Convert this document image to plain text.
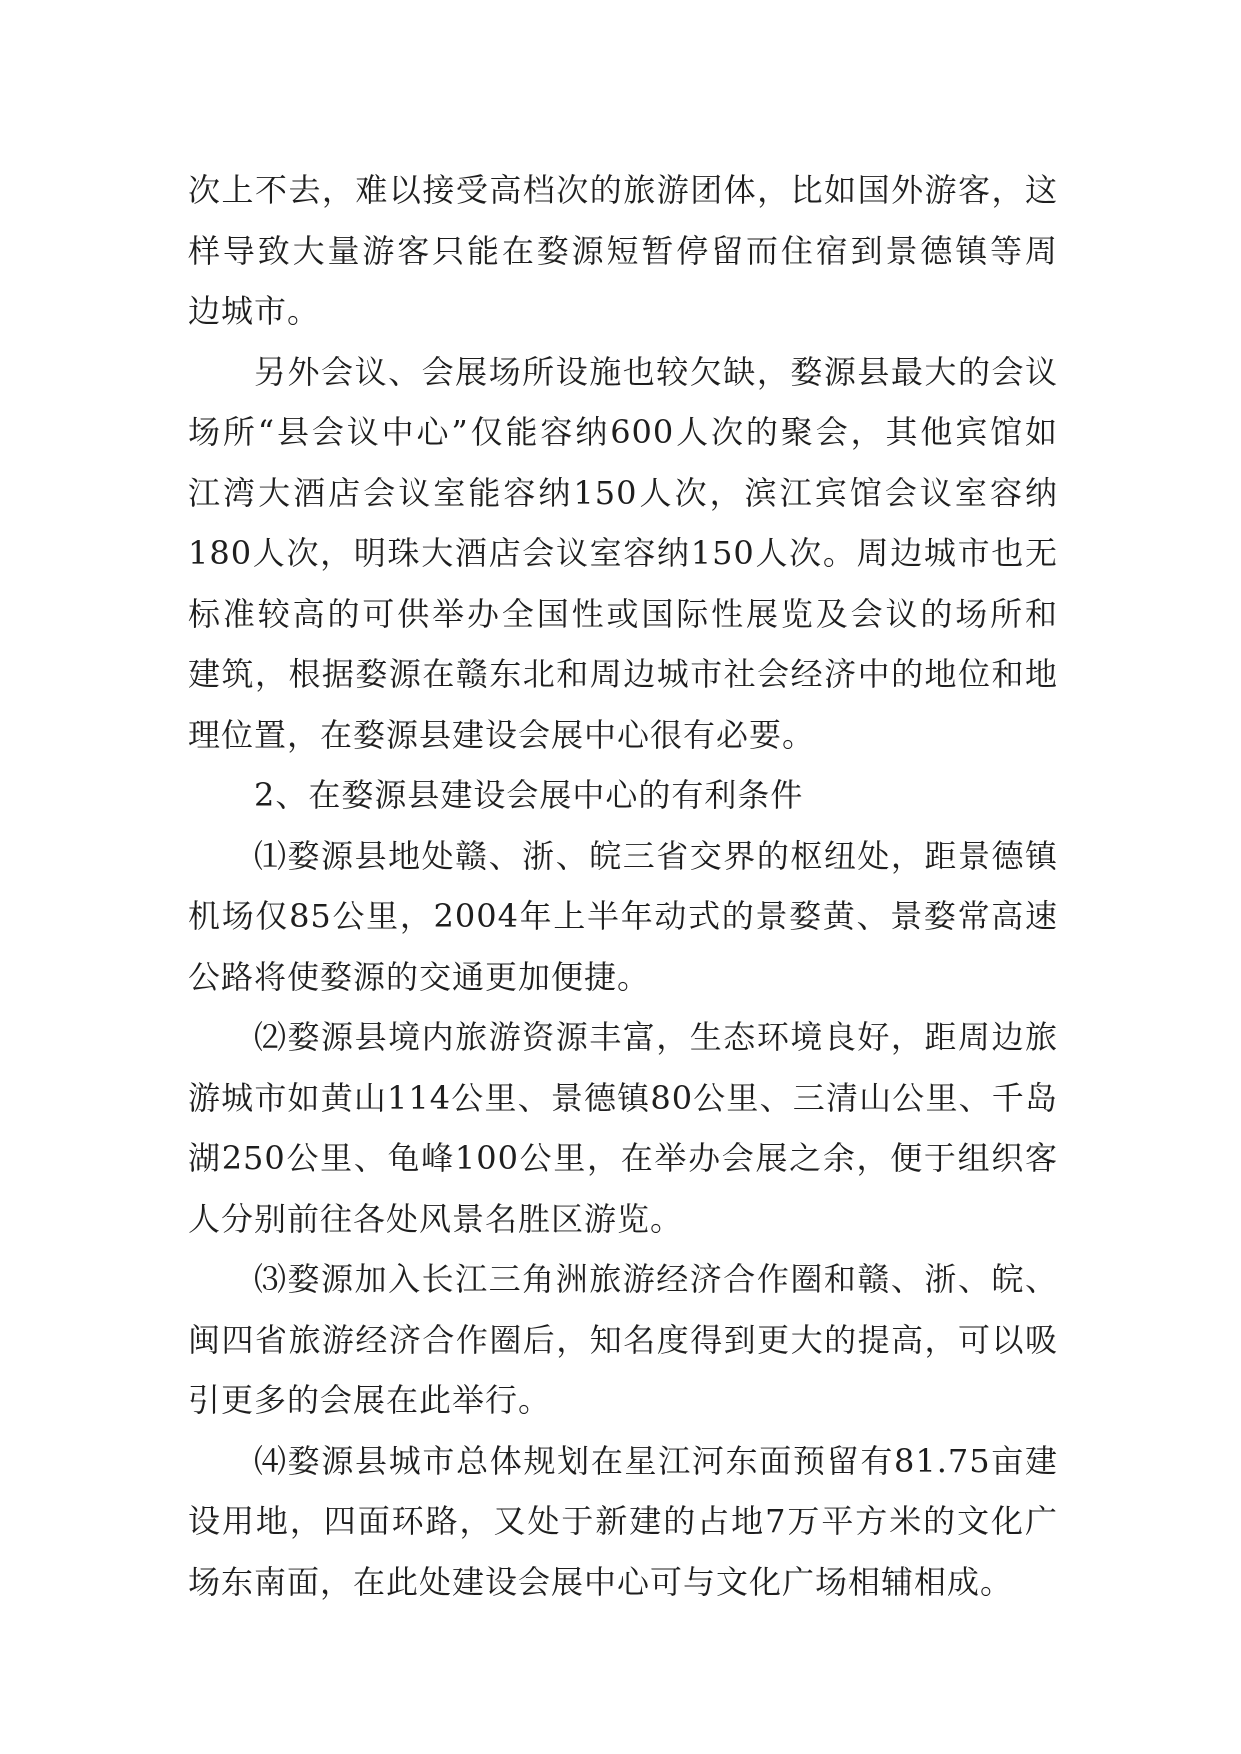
次上不去，难以接受高档次的旅游团体，比如国外游客，这
样导致大量游客只能在婺源短暂停留而住宿到景德镇等周
边城市。
另外会议、会展场所设施也较欠缺，婺源县最大的会议
场所“县会议中心”仅能容纳600人次的聚会，其他宾馆如
江湾大酒店会议室能容纳150人次，滨江宾馆会议室容纳
180人次，明珠大酒店会议室容纳150人次。周边城市也无
标准较高的可供举办全国性或国际性展览及会议的场所和
建筑，根据婺源在赣东北和周边城市社会经济中的地位和地
理位置，在婺源县建设会展中心很有必要。
2、在婺源县建设会展中心的有利条件
⑴婺源县地处赣、浙、皖三省交界的枢纽处，距景德镇
机场仅85公里，2004年上半年动式的景婺黄、景婺常高速
公路将使婺源的交通更加便捷。
⑵婺源县境内旅游资源丰富，生态环境良好，距周边旅
游城市如黄山114公里、景德镇80公里、三清山公里、千岛
湖250公里、龟峰100公里，在举办会展之余，便于组织客
人分别前往各处风景名胜区游览。
⑶婺源加入长江三角洲旅游经济合作圈和赣、浙、皖、
闽四省旅游经济合作圈后，知名度得到更大的提高，可以吸
引更多的会展在此举行。
⑷婺源县城市总体规划在星江河东面预留有81.75亩建
设用地，四面环路，又处于新建的占地7万平方米的文化广
场东南面，在此处建设会展中心可与文化广场相辅相成。
